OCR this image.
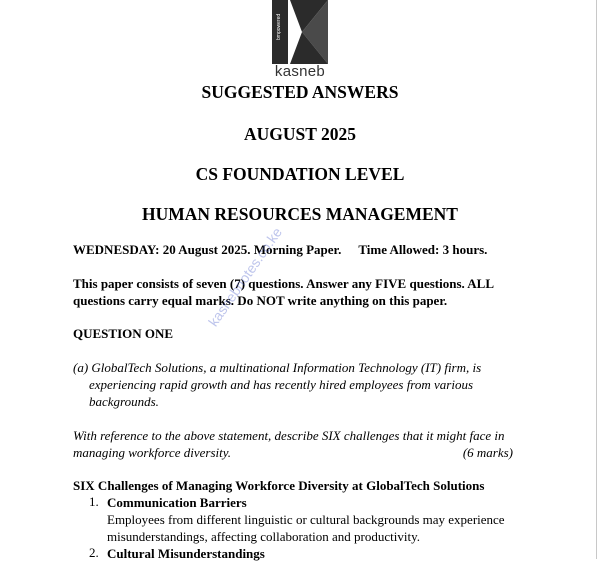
bmpowered
kasneb
SUGGESTED ANSWERS
AUGUST 2025
CS FOUNDATION LEVEL
HUMAN RESOURCES MANAGEMENT
WEDNESDAY: 20 August 2025. Morning Paper. Time Allowed: 3 hours.
This paper consists of seven (7) questions. Answer any FIVE questions. ALL
questions carry equal marks. Do NOT write anything on this paper.
QUESTION ONE
(a) GlobalTech Solutions, a multinational Information Technology (IT) firm, is
experiencing rapid growth and has recently hired employees from various
backgrounds.
With reference to the above statement, describe SIX challenges that it might face in
managing workforce diversity.	(6 marks)
SIX Challenges of Managing Workforce Diversity at GlobalTech Solutions
1. Communication Barriers
Employees from different linguistic or cultural backgrounds may experience
misunderstandings, affecting collaboration and productivity.
2. Cultural Misunderstandings
kasnebnotes.co.ke
